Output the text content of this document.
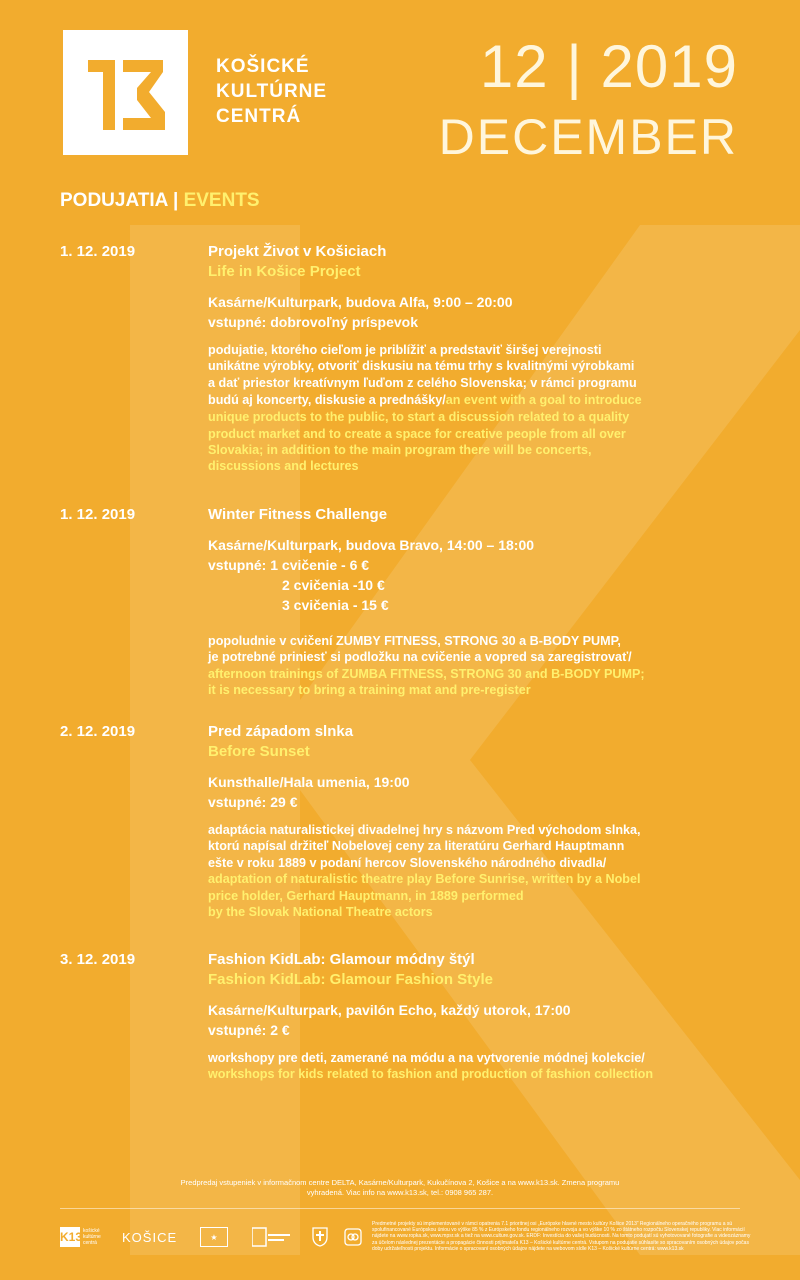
KOŠICKÉ
KULTÚRNE
CENTRÁ
12 | 2019
DECEMBER
PODUJATIA | EVENTS
1. 12. 2019	Projekt Život v Košiciach
Life in Košice Project
Kasárne/Kulturpark, budova Alfa, 9:00 – 20:00
vstupné: dobrovoľný príspevok
podujatie, ktorého cieľom je priblížiť a predstaviť širšej verejnosti
unikátne výrobky, otvoriť diskusiu na tému trhy s kvalitnými výrobkami
a dať priestor kreatívnym ľuďom z celého Slovenska; v rámci programu
budú aj koncerty, diskusie a prednášky/an event with a goal to introduce
unique products to the public, to start a discussion related to a quality
product market and to create a space for creative people from all over
Slovakia; in addition to the main program there will be concerts,
discussions and lectures
1. 12. 2019	Winter Fitness Challenge
Kasárne/Kulturpark, budova Bravo, 14:00 – 18:00
vstupné: 1 cvičenie - 6 €
2 cvičenia -10 €
3 cvičenia - 15 €
popoludnie v cvičení ZUMBY FITNESS, STRONG 30 a B-BODY PUMP,
je potrebné priniesť si podložku na cvičenie a vopred sa zaregistrovať/
afternoon trainings of ZUMBA FITNESS, STRONG 30 and B-BODY PUMP;
it is necessary to bring a training mat and pre-register
2. 12. 2019	Pred západom slnka
Before Sunset
Kunsthalle/Hala umenia, 19:00
vstupné: 29 €
adaptácia naturalistickej divadelnej hry s názvom Pred východom slnka,
ktorú napísal držiteľ Nobelovej ceny za literatúru Gerhard Hauptmann
ešte v roku 1889 v podaní hercov Slovenského národného divadla/
adaptation of naturalistic theatre play Before Sunrise, written by a Nobel
price holder, Gerhard Hauptmann, in 1889 performed
by the Slovak National Theatre actors
3. 12. 2019	Fashion KidLab: Glamour módny štýl
Fashion KidLab: Glamour Fashion Style
Kasárne/Kulturpark, pavilón Echo, každý utorok, 17:00
vstupné: 2 €
workshopy pre deti, zamerané na módu a na vytvorenie módnej kolekcie/
workshops for kids related to fashion and production of fashion collection
Predpredaj vstupeniek v informačnom centre DELTA, Kasárne/Kulturpark, Kukučínova 2, Košice a na www.k13.sk. Zmena programu
vyhradená. Viac info na www.k13.sk, tel.: 0908 965 287.
K13 košické kultúrne centrá	KOŠICE	★
Predmetné projekty sú implementované v rámci opatrenia 7.1 prioritnej osi „Európske hlavné mesto kultúry Košice 2013“ Regionálneho operačného programu a sú spolufinancované Európskou úniou vo výške 85 % z Európskeho fondu regionálneho rozvoja a vo výške 10 % zo štátneho rozpočtu Slovenskej republiky. Viac informácií nájdete na www.ropka.sk, www.mpsr.sk a tiež na www.culture.gov.sk. ERDF: Investícia do vašej budúcnosti. Na tomto podujatí sú vyhotovované fotografie a videozáznamy za účelom následnej prezentácie a propagácie činnosti prijímateľa K13 – Košické kultúrne centrá. Vstupom na podujatie súhlasíte so spracovaním osobných údajov počas doby udržateľnosti projektu. Informácie o spracovaní osobných údajov nájdete na webovom sídle K13 – Košické kultúrne centrá: www.k13.sk
